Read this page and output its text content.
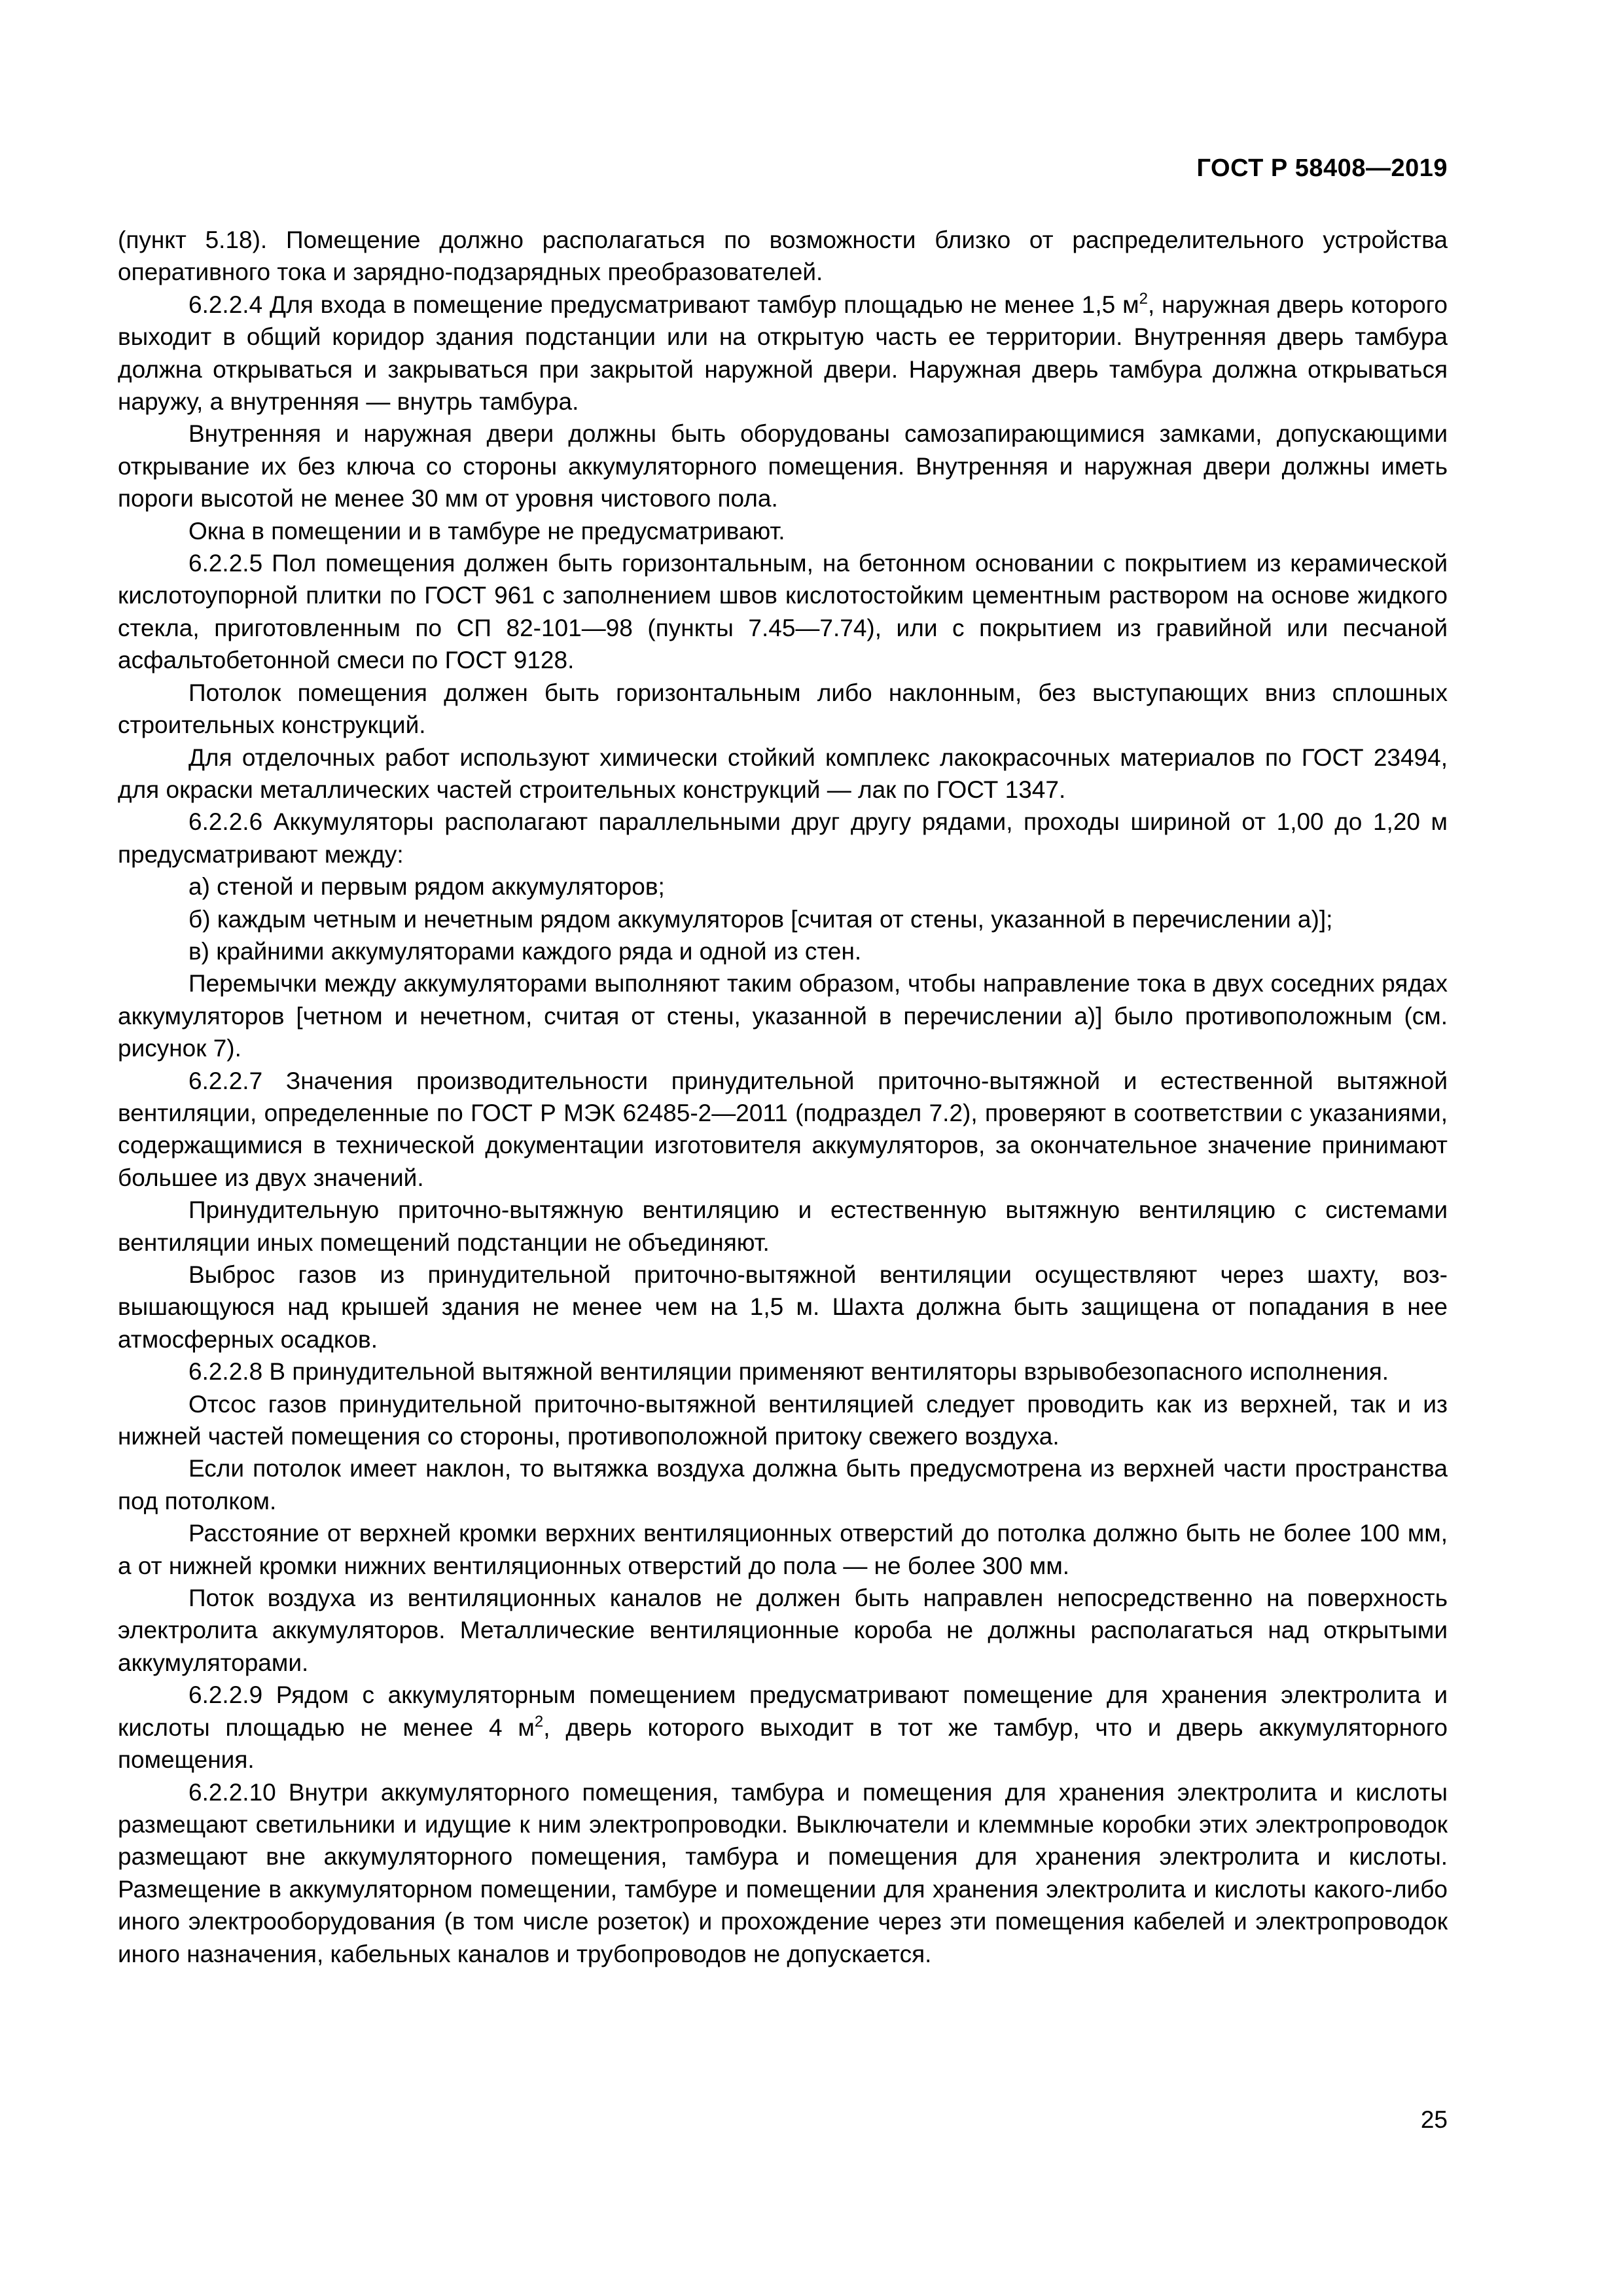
ГОСТ Р 58408—2019

(пункт 5.18). Помещение должно располагаться по возможности близко от распределительного устройства оперативного тока и зарядно-подзарядных преобразователей.

6.2.2.4 Для входа в помещение предусматривают тамбур площадью не менее 1,5 $м^2$, наружная дверь которого выходит в общий коридор здания подстанции или на открытую часть ее территории. Внутренняя дверь тамбура должна открываться и закрываться при закрытой наружной двери. Наружная дверь тамбура должна открываться наружу, а внутренняя — внутрь тамбура.

Внутренняя и наружная двери должны быть оборудованы самозапирающимися замками, допускающими открывание их без ключа со стороны аккумуляторного помещения. Внутренняя и наружная двери должны иметь пороги высотой не менее 30 мм от уровня чистового пола.

Окна в помещении и в тамбуре не предусматривают.

6.2.2.5 Пол помещения должен быть горизонтальным, на бетонном основании с покрытием из керамической кислотоупорной плитки по ГОСТ 961 с заполнением швов кислотостойким цементным раствором на основе жидкого стекла, приготовленным по СП 82-101—98 (пункты 7.45—7.74), или с покрытием из гравийной или песчаной асфальтобетонной смеси по ГОСТ 9128.

Потолок помещения должен быть горизонтальным либо наклонным, без выступающих вниз сплошных строительных конструкций.

Для отделочных работ используют химически стойкий комплекс лакокрасочных материалов по ГОСТ 23494, для окраски металлических частей строительных конструкций — лак по ГОСТ 1347.

6.2.2.6 Аккумуляторы располагают параллельными друг другу рядами, проходы шириной от 1,00 до 1,20 м предусматривают между:

а) стеной и первым рядом аккумуляторов;

б) каждым четным и нечетным рядом аккумуляторов [считая от стены, указанной в перечислении а)];

в) крайними аккумуляторами каждого ряда и одной из стен.

Перемычки между аккумуляторами выполняют таким образом, чтобы направление тока в двух соседних рядах аккумуляторов [четном и нечетном, считая от стены, указанной в перечислении а)] было противоположным (см. рисунок 7).

6.2.2.7 Значения производительности принудительной приточно-вытяжной и естественной вытяжной вентиляции, определенные по ГОСТ Р МЭК 62485-2—2011 (подраздел 7.2), проверяют в соответствии с указаниями, содержащимися в технической документации изготовителя аккумуляторов, за окончательное значение принимают большее из двух значений.

Принудительную приточно-вытяжную вентиляцию и естественную вытяжную вентиляцию с системами вентиляции иных помещений подстанции не объединяют.

Выброс газов из принудительной приточно-вытяжной вентиляции осуществляют через шахту, возвышающуюся над крышей здания не менее чем на 1,5 м. Шахта должна быть защищена от попадания в нее атмосферных осадков.

6.2.2.8 В принудительной вытяжной вентиляции применяют вентиляторы взрывобезопасного исполнения.

Отсос газов принудительной приточно-вытяжной вентиляцией следует проводить как из верхней, так и из нижней частей помещения со стороны, противоположной притоку свежего воздуха.

Если потолок имеет наклон, то вытяжка воздуха должна быть предусмотрена из верхней части пространства под потолком.

Расстояние от верхней кромки верхних вентиляционных отверстий до потолка должно быть не более 100 мм, а от нижней кромки нижних вентиляционных отверстий до пола — не более 300 мм.

Поток воздуха из вентиляционных каналов не должен быть направлен непосредственно на поверхность электролита аккумуляторов. Металлические вентиляционные короба не должны располагаться над открытыми аккумуляторами.

6.2.2.9 Рядом с аккумуляторным помещением предусматривают помещение для хранения электролита и кислоты площадью не менее 4 $м^2$, дверь которого выходит в тот же тамбур, что и дверь аккумуляторного помещения.

6.2.2.10 Внутри аккумуляторного помещения, тамбура и помещения для хранения электролита и кислоты размещают светильники и идущие к ним электропроводки. Выключатели и клеммные коробки этих электропроводок размещают вне аккумуляторного помещения, тамбура и помещения для хранения электролита и кислоты. Размещение в аккумуляторном помещении, тамбуре и помещении для хранения электролита и кислоты какого-либо иного электрооборудования (в том числе розеток) и прохождение через эти помещения кабелей и электропроводок иного назначения, кабельных каналов и трубопроводов не допускается.

25
